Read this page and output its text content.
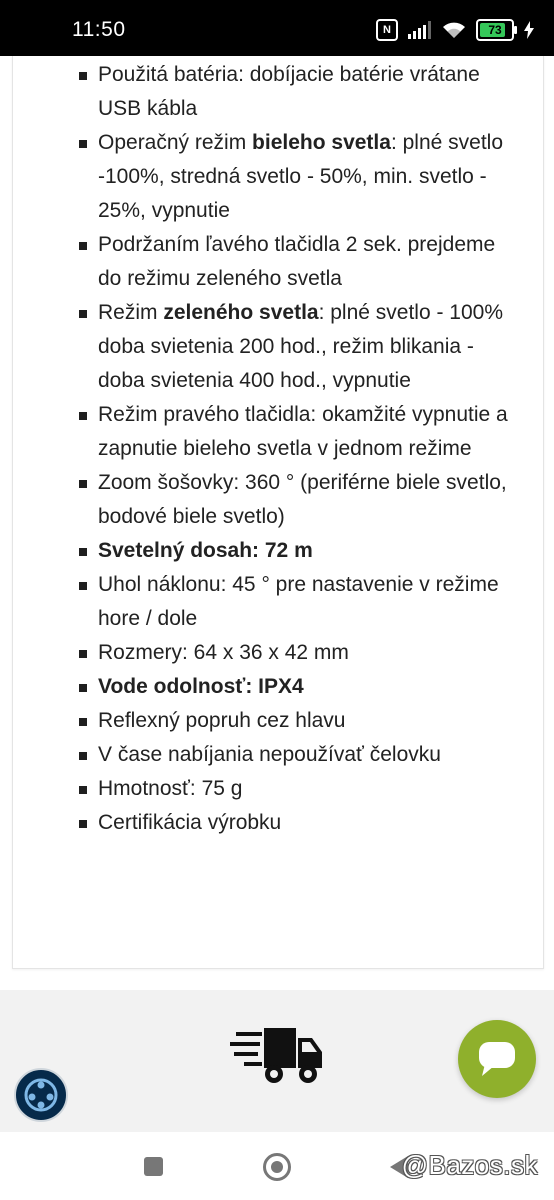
11:50	N	73
Použitá batéria: dobíjacie batérie vrátane USB kábla
Operačný režim bieleho svetla: plné svetlo -100%, stredná svetlo - 50%, min. svetlo - 25%, vypnutie
Podržaním ľavého tlačidla 2 sek. prejdeme do režimu zeleného svetla
Režim zeleného svetla: plné svetlo - 100% doba svietenia 200 hod., režim blikania - doba svietenia 400 hod., vypnutie
Režim pravého tlačidla: okamžité vypnutie a zapnutie bieleho svetla v jednom režime
Zoom šošovky: 360 ° (periférne biele svetlo, bodové biele svetlo)
Svetelný dosah: 72 m
Uhol náklonu: 45 ° pre nastavenie v režime hore / dole
Rozmery: 64 x 36 x 42 mm
Vode odolnosť: IPX4
Reflexný popruh cez hlavu
V čase nabíjania nepoužívať čelovku
Hmotnosť: 75 g
Certifikácia výrobku
@Bazos.sk
